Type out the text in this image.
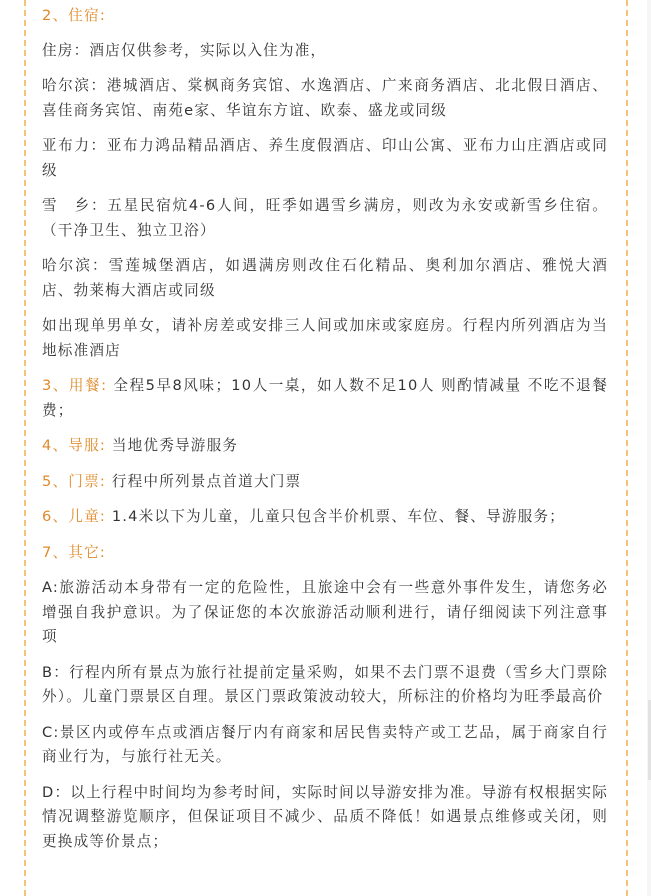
2、住宿:

住房：酒店仅供参考，实际以入住为准，

哈尔滨：港城酒店、棠枫商务宾馆、水逸酒店、广来商务酒店、北北假日酒店、喜佳商务宾馆、南苑e家、华谊东方谊、欧泰、盛龙或同级

亚布力：亚布力鸿品精品酒店、养生度假酒店、印山公寓、亚布力山庄酒店或同级

雪　乡：五星民宿炕4-6人间，旺季如遇雪乡满房，则改为永安或新雪乡住宿。（干净卫生、独立卫浴）

哈尔滨：雪莲城堡酒店，如遇满房则改住石化精品、奥利加尔酒店、雅悦大酒店、勃莱梅大酒店或同级

如出现单男单女，请补房差或安排三人间或加床或家庭房。行程内所列酒店为当地标准酒店

3、用餐: 全程5早8风味；10人一桌，如人数不足10人 则酌情减量 不吃不退餐费；

4、导服: 当地优秀导游服务

5、门票: 行程中所列景点首道大门票

6、儿童: 1.4米以下为儿童，儿童只包含半价机票、车位、餐、导游服务；

7、其它:

A:旅游活动本身带有一定的危险性，且旅途中会有一些意外事件发生，请您务必增强自我护意识。为了保证您的本次旅游活动顺利进行，请仔细阅读下列注意事项

B：行程内所有景点为旅行社提前定量采购，如果不去门票不退费（雪乡大门票除外）。儿童门票景区自理。景区门票政策波动较大，所标注的价格均为旺季最高价

C:景区内或停车点或酒店餐厅内有商家和居民售卖特产或工艺品，属于商家自行商业行为，与旅行社无关。

D：以上行程中时间均为参考时间，实际时间以导游安排为准。导游有权根据实际情况调整游览顺序，但保证项目不减少、品质不降低！如遇景点维修或关闭，则更换成等价景点；
